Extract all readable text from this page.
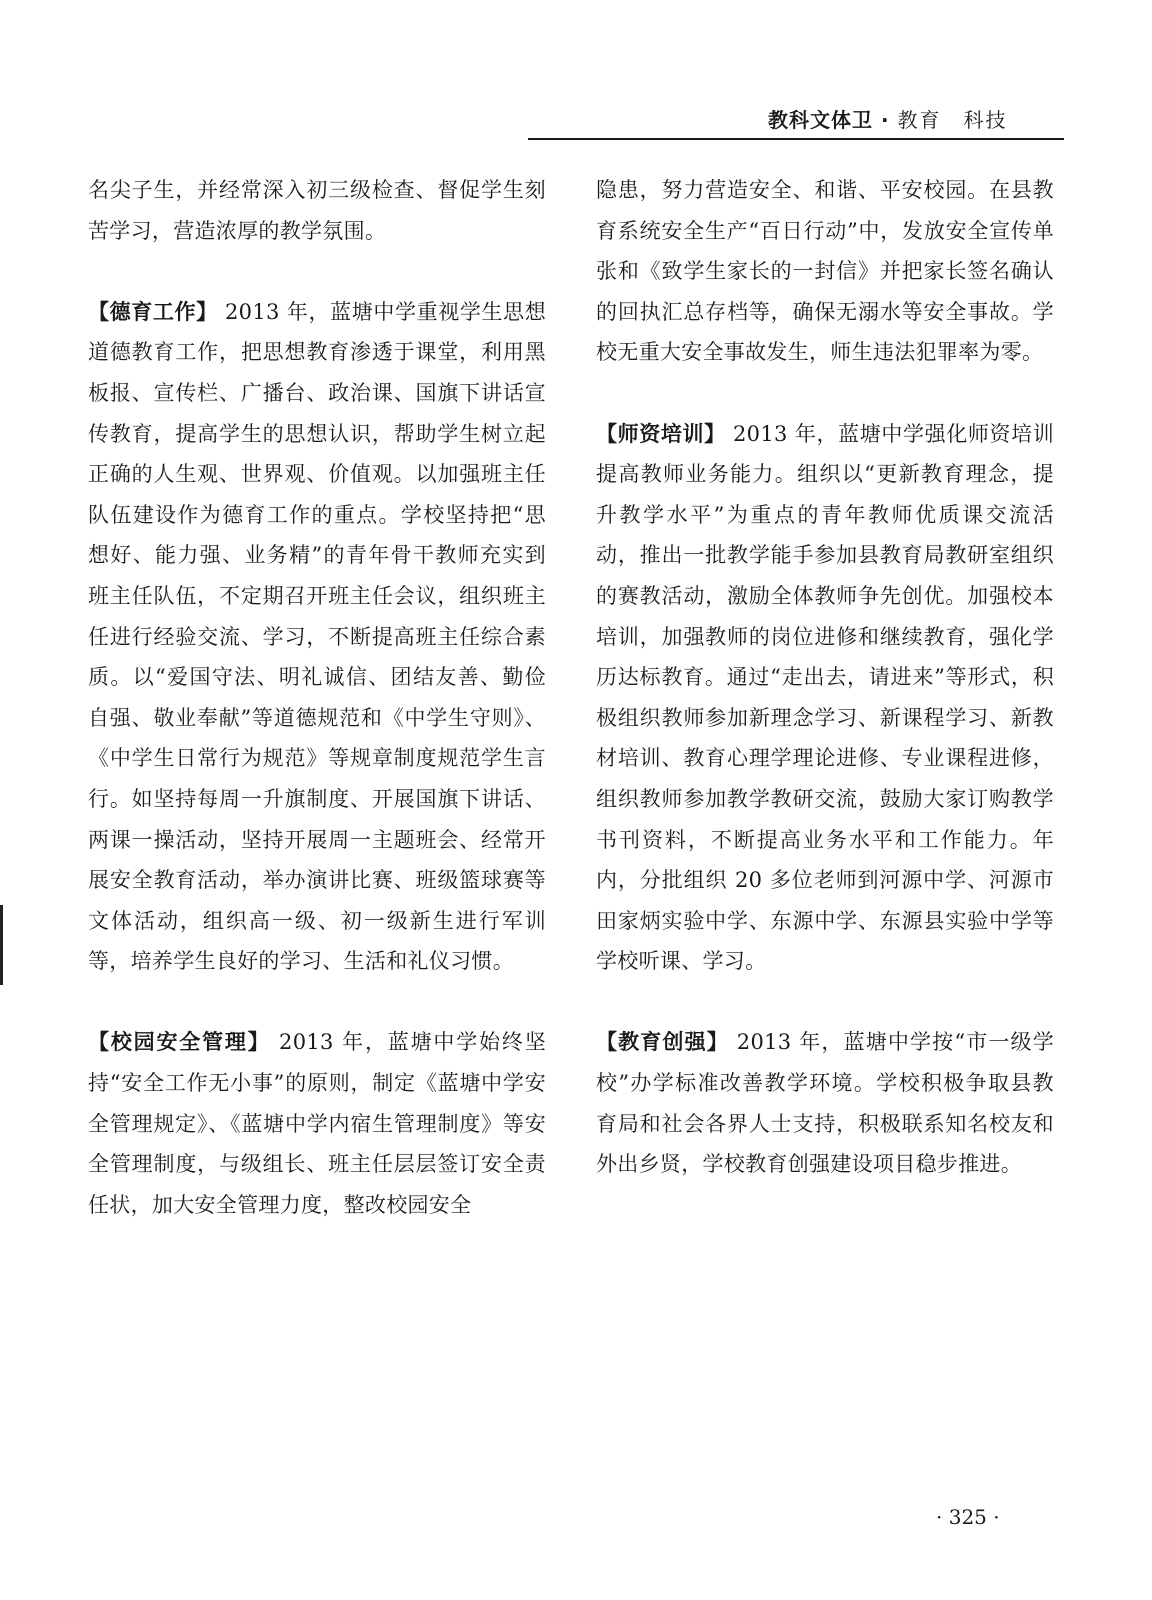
教科文体卫 · 教育　科技

名尖子生，并经常深入初三级检查、督促学生刻苦学习，营造浓厚的教学氛围。

【德育工作】 2013 年，蓝塘中学重视学生思想道德教育工作，把思想教育渗透于课堂，利用黑板报、宣传栏、广播台、政治课、国旗下讲话宣传教育，提高学生的思想认识，帮助学生树立起正确的人生观、世界观、价值观。以加强班主任队伍建设作为德育工作的重点。学校坚持把“思想好、能力强、业务精”的青年骨干教师充实到班主任队伍，不定期召开班主任会议，组织班主任进行经验交流、学习，不断提高班主任综合素质。以“爱国守法、明礼诚信、团结友善、勤俭自强、敬业奉献”等道德规范和《中学生守则》、《中学生日常行为规范》等规章制度规范学生言行。如坚持每周一升旗制度、开展国旗下讲话、两课一操活动，坚持开展周一主题班会、经常开展安全教育活动，举办演讲比赛、班级篮球赛等文体活动，组织高一级、初一级新生进行军训等，培养学生良好的学习、生活和礼仪习惯。

【校园安全管理】 2013 年，蓝塘中学始终坚持“安全工作无小事”的原则，制定《蓝塘中学安全管理规定》、《蓝塘中学内宿生管理制度》等安全管理制度，与级组长、班主任层层签订安全责任状，加大安全管理力度，整改校园安全

隐患，努力营造安全、和谐、平安校园。在县教育系统安全生产“百日行动”中，发放安全宣传单张和《致学生家长的一封信》并把家长签名确认的回执汇总存档等，确保无溺水等安全事故。学校无重大安全事故发生，师生违法犯罪率为零。

【师资培训】 2013 年，蓝塘中学强化师资培训提高教师业务能力。组织以“更新教育理念，提升教学水平”为重点的青年教师优质课交流活动，推出一批教学能手参加县教育局教研室组织的赛教活动，激励全体教师争先创优。加强校本培训，加强教师的岗位进修和继续教育，强化学历达标教育。通过“走出去，请进来”等形式，积极组织教师参加新理念学习、新课程学习、新教材培训、教育心理学理论进修、专业课程进修，组织教师参加教学教研交流，鼓励大家订购教学书刊资料，不断提高业务水平和工作能力。年内，分批组织 20 多位老师到河源中学、河源市田家炳实验中学、东源中学、东源县实验中学等学校听课、学习。

【教育创强】 2013 年，蓝塘中学按“市一级学校”办学标准改善教学环境。学校积极争取县教育局和社会各界人士支持，积极联系知名校友和外出乡贤，学校教育创强建设项目稳步推进。

· 325 ·
